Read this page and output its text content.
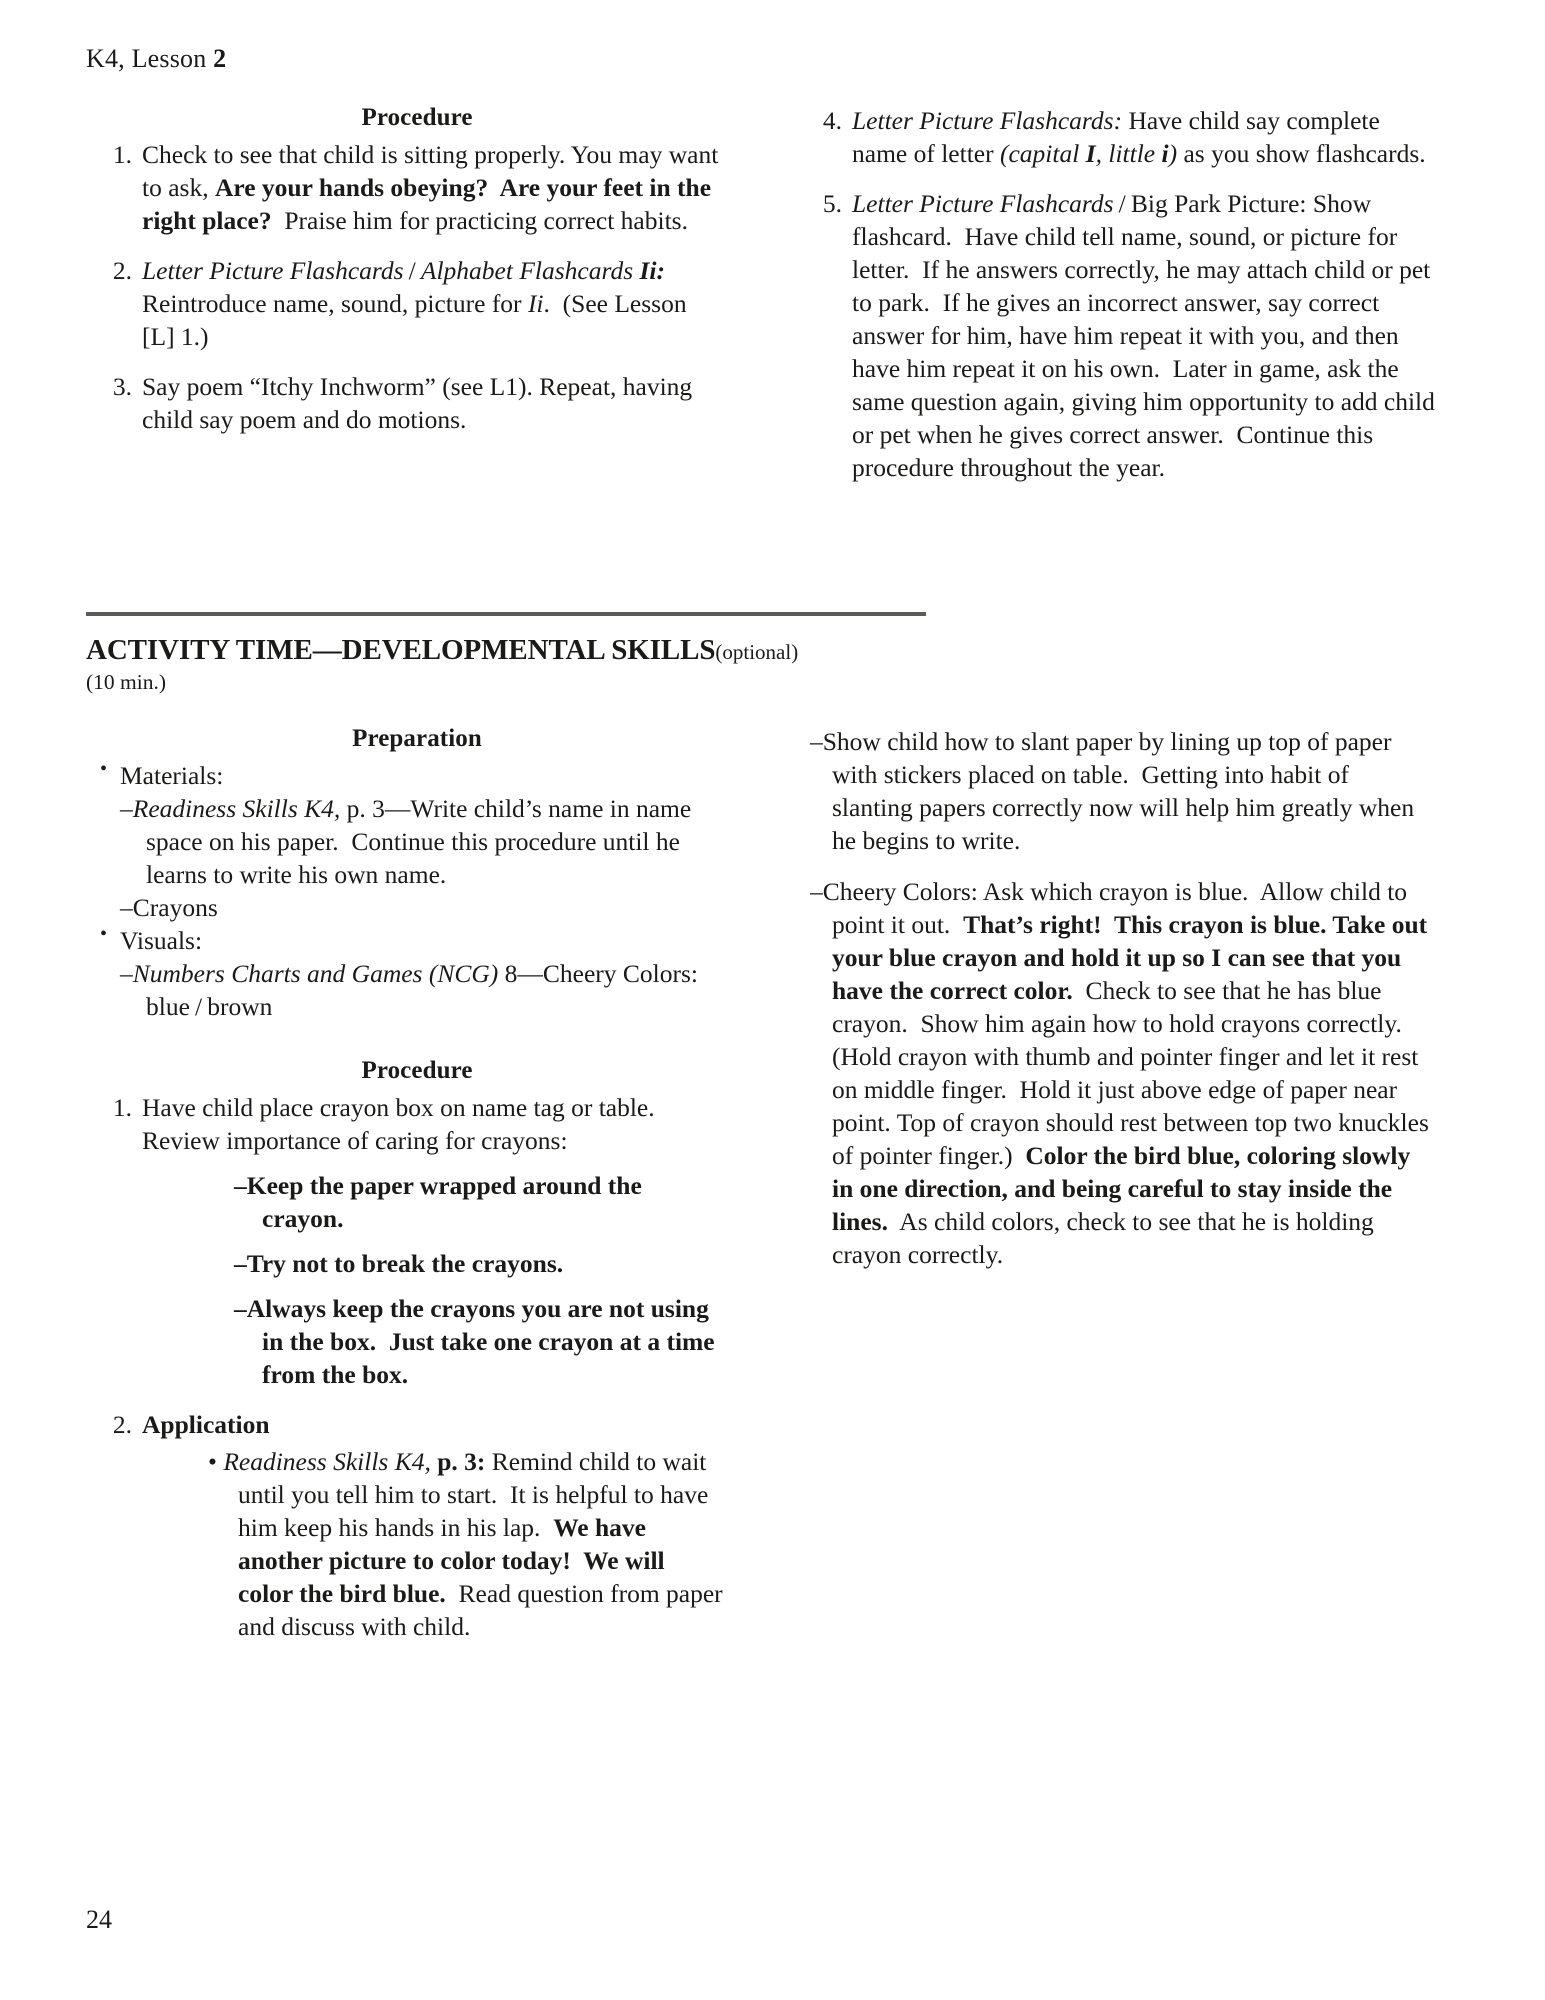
K4, Lesson 2
Procedure
1. Check to see that child is sitting properly. You may want to ask, Are your hands obeying?  Are your feet in the right place?  Praise him for practicing correct habits.
2. Letter Picture Flashcards / Alphabet Flashcards Ii: Reintroduce name, sound, picture for Ii.  (See Lesson [L] 1.)
3. Say poem “Itchy Inchworm” (see L1). Repeat, having child say poem and do motions.
4. Letter Picture Flashcards: Have child say complete name of letter (capital I, little i) as you show flashcards.
5. Letter Picture Flashcards / Big Park Picture: Show flashcard.  Have child tell name, sound, or picture for letter.  If he answers correctly, he may attach child or pet to park.  If he gives an incorrect answer, say correct answer for him, have him repeat it with you, and then have him repeat it on his own.  Later in game, ask the same question again, giving him opportunity to add child or pet when he gives correct answer.  Continue this procedure throughout the year.
ACTIVITY TIME—DEVELOPMENTAL SKILLS(optional)
(10 min.)
Preparation
• Materials:
–Readiness Skills K4, p. 3—Write child’s name in name space on his paper.  Continue this procedure until he learns to write his own name.
–Crayons
• Visuals:
–Numbers Charts and Games (NCG) 8—Cheery Colors: blue / brown
Procedure
1. Have child place crayon box on name tag or table.  Review importance of caring for crayons:
–Keep the paper wrapped around the crayon.
–Try not to break the crayons.
–Always keep the crayons you are not using in the box.  Just take one crayon at a time from the box.
2. Application
• Readiness Skills K4, p. 3: Remind child to wait until you tell him to start.  It is helpful to have him keep his hands in his lap.  We have another picture to color today!  We will color the bird blue.  Read question from paper and discuss with child.
–Show child how to slant paper by lining up top of paper with stickers placed on table.  Getting into habit of slanting papers correctly now will help him greatly when he begins to write.
–Cheery Colors: Ask which crayon is blue.  Allow child to point it out.  That’s right!  This crayon is blue. Take out your blue crayon and hold it up so I can see that you have the correct color.  Check to see that he has blue crayon.  Show him again how to hold crayons correctly.  (Hold crayon with thumb and pointer finger and let it rest on middle finger.  Hold it just above edge of paper near point. Top of crayon should rest between top two knuckles of pointer finger.)  Color the bird blue, coloring slowly in one direction, and being careful to stay inside the lines.  As child colors, check to see that he is holding crayon correctly.
24
